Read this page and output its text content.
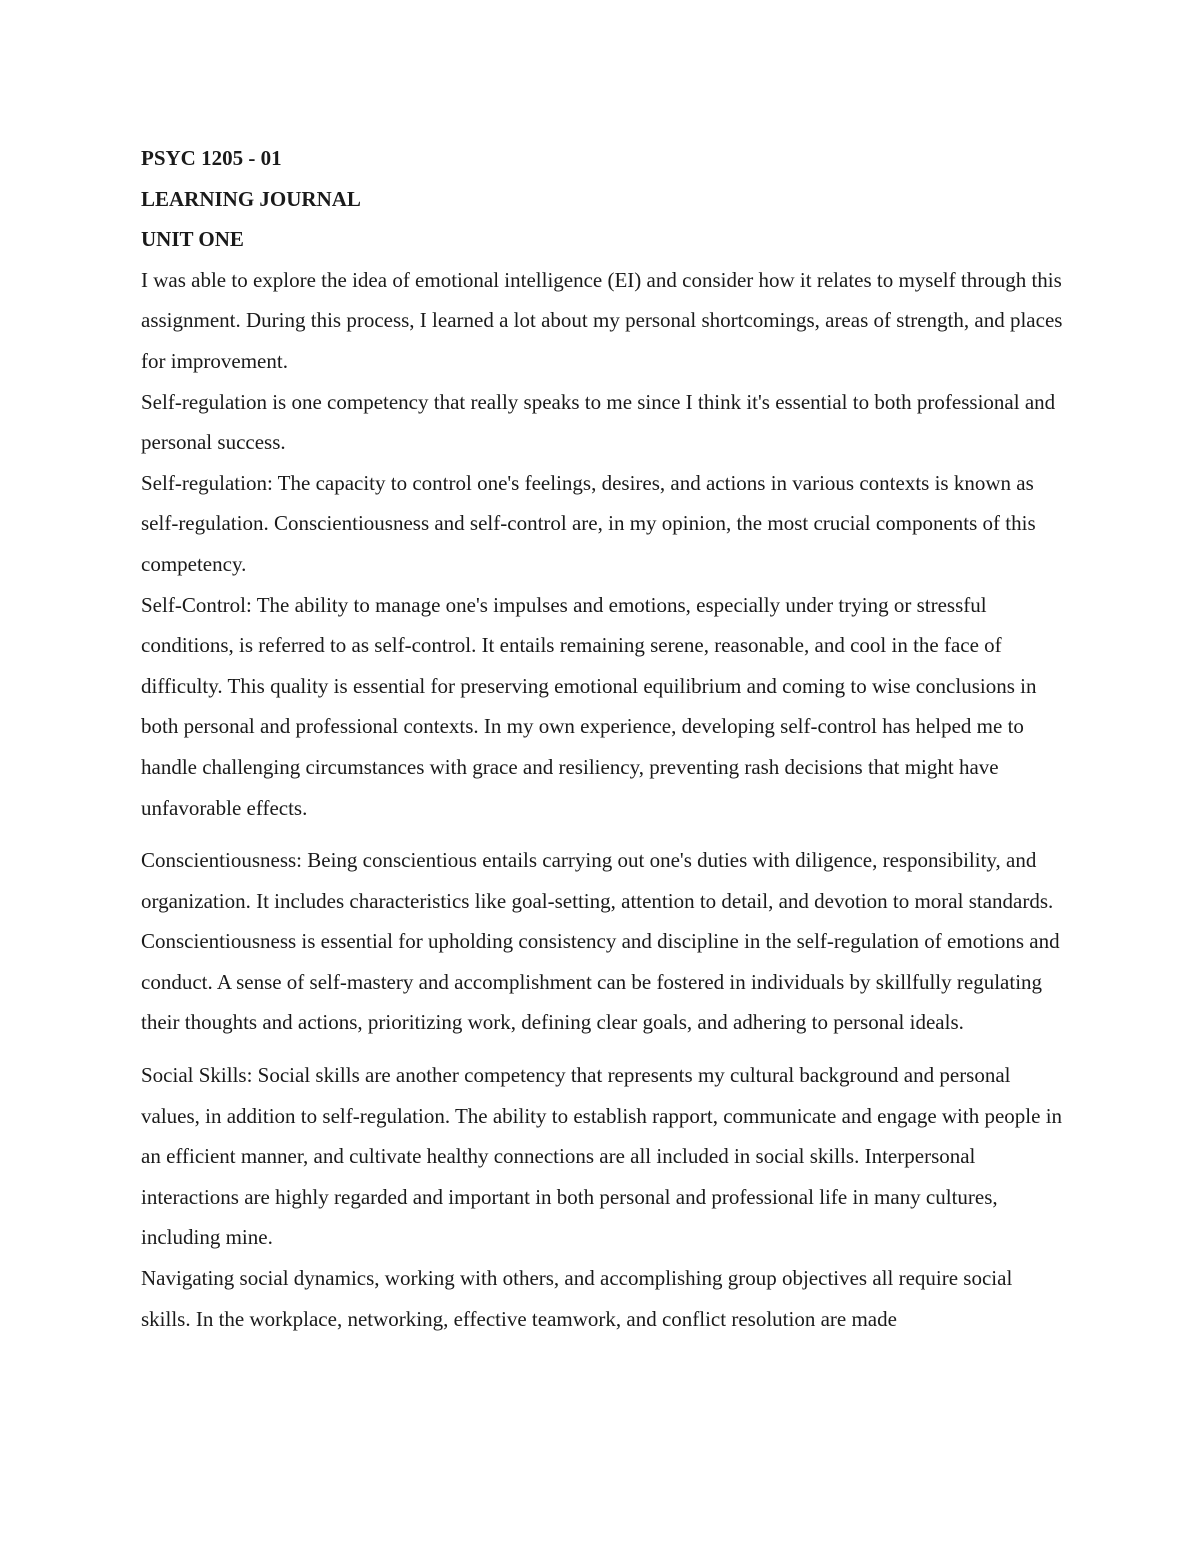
PSYC 1205 - 01

LEARNING JOURNAL

UNIT ONE

I was able to explore the idea of emotional intelligence (EI) and consider how it relates to myself through this assignment. During this process, I learned a lot about my personal shortcomings, areas of strength, and places for improvement.

Self-regulation is one competency that really speaks to me since I think it's essential to both professional and personal success.

Self-regulation: The capacity to control one's feelings, desires, and actions in various contexts is known as self-regulation. Conscientiousness and self-control are, in my opinion, the most crucial components of this competency.

Self-Control: The ability to manage one's impulses and emotions, especially under trying or stressful conditions, is referred to as self-control. It entails remaining serene, reasonable, and cool in the face of difficulty. This quality is essential for preserving emotional equilibrium and coming to wise conclusions in both personal and professional contexts. In my own experience, developing self-control has helped me to handle challenging circumstances with grace and resiliency, preventing rash decisions that might have unfavorable effects.

Conscientiousness: Being conscientious entails carrying out one's duties with diligence, responsibility, and organization. It includes characteristics like goal-setting, attention to detail, and devotion to moral standards. Conscientiousness is essential for upholding consistency and discipline in the self-regulation of emotions and conduct. A sense of self-mastery and accomplishment can be fostered in individuals by skillfully regulating their thoughts and actions, prioritizing work, defining clear goals, and adhering to personal ideals.

Social Skills: Social skills are another competency that represents my cultural background and personal values, in addition to self-regulation. The ability to establish rapport, communicate and engage with people in an efficient manner, and cultivate healthy connections are all included in social skills. Interpersonal interactions are highly regarded and important in both personal and professional life in many cultures, including mine.

Navigating social dynamics, working with others, and accomplishing group objectives all require social skills. In the workplace, networking, effective teamwork, and conflict resolution are made
